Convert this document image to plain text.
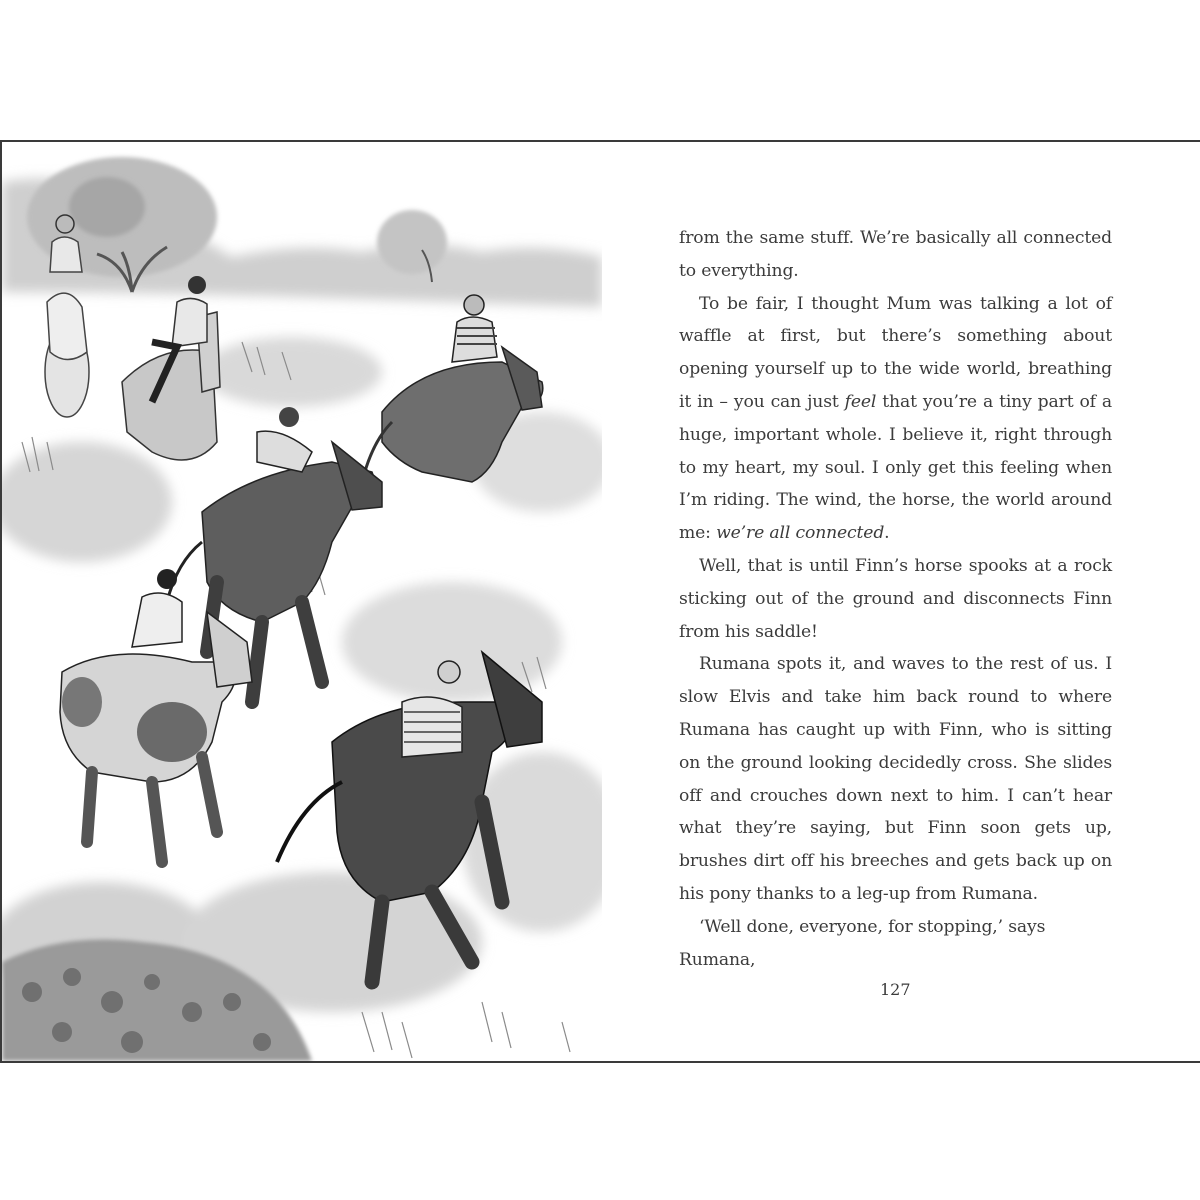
from the same stuff. We’re basically all connected to everything.

To be fair, I thought Mum was talking a lot of waffle at first, but there’s something about opening yourself up to the wide world, breathing it in – you can just feel that you’re a tiny part of a huge, important whole. I believe it, right through to my heart, my soul. I only get this feeling when I’m riding. The wind, the horse, the world around me: we’re all connected.

Well, that is until Finn’s horse spooks at a rock sticking out of the ground and disconnects Finn from his saddle!

Rumana spots it, and waves to the rest of us. I slow Elvis and take him back round to where Rumana has caught up with Finn, who is sitting on the ground looking decidedly cross. She slides off and crouches down next to him. I can’t hear what they’re saying, but Finn soon gets up, brushes dirt off his breeches and gets back up on his pony thanks to a leg-up from Rumana.

‘Well done, everyone, for stopping,’ says Rumana,

127
